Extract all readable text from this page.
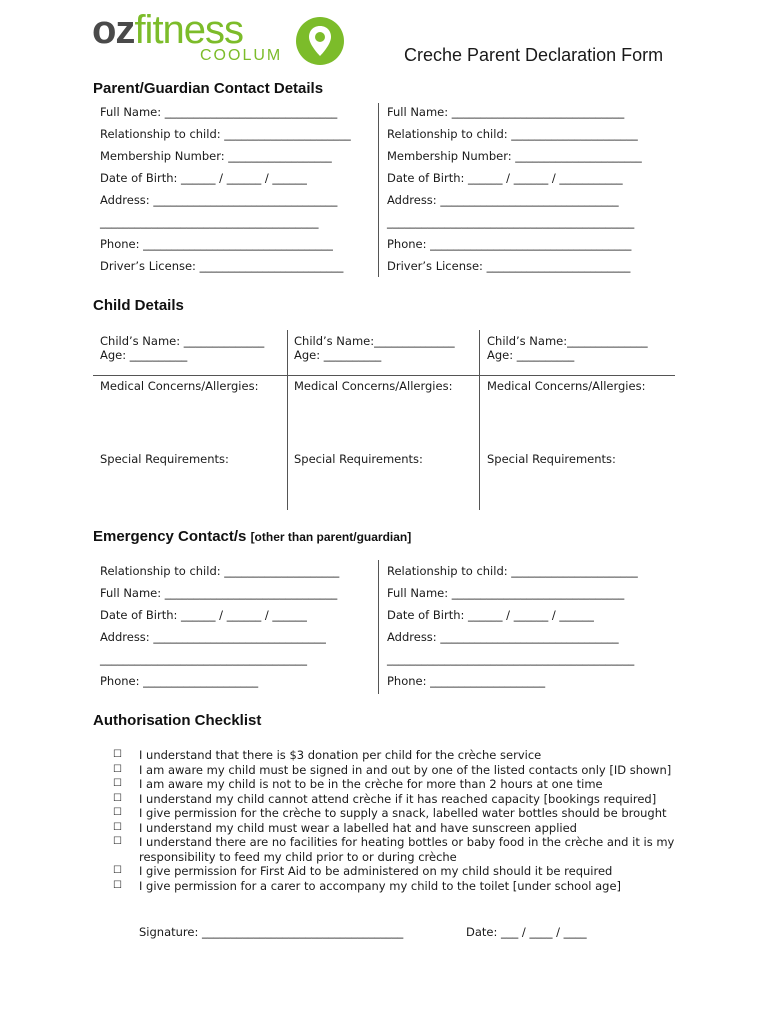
ozfitness
COOLUM	Creche Parent Declaration Form
Parent/Guardian Contact Details
Full Name: ______________________________
Relationship to child: ______________________
Membership Number: __________________
Date of Birth: ______ / ______ / ______
Address: ________________________________
______________________________________
Phone: _________________________________
Driver’s License: _________________________
Full Name: ______________________________
Relationship to child: ______________________
Membership Number: ______________________
Date of Birth: ______ / ______ / ___________
Address: _______________________________
___________________________________________
Phone: ___________________________________
Driver’s License: _________________________
Child Details
Child’s Name: ______________
Age: __________
Medical Concerns/Allergies:
Special Requirements:
Child’s Name:______________
Age: __________
Medical Concerns/Allergies:
Special Requirements:
Child’s Name:______________
Age: __________
Medical Concerns/Allergies:
Special Requirements:
Emergency Contact/s [other than parent/guardian]
Relationship to child: ____________________
Full Name: ______________________________
Date of Birth: ______ / ______ / ______
Address: ______________________________
____________________________________
Phone: ____________________
Relationship to child: ______________________
Full Name: ______________________________
Date of Birth: ______ / ______ / ______
Address: _______________________________
___________________________________________
Phone: ____________________
Authorisation Checklist
☐	I understand that there is $3 donation per child for the crèche service
☐	I am aware my child must be signed in and out by one of the listed contacts only [ID shown]
☐	I am aware my child is not to be in the crèche for more than 2 hours at one time
☐	I understand my child cannot attend crèche if it has reached capacity [bookings required]
☐	I give permission for the crèche to supply a snack, labelled water bottles should be brought
☐	I understand my child must wear a labelled hat and have sunscreen applied
☐	I understand there are no facilities for heating bottles or baby food in the crèche and it is my responsibility to feed my child prior to or during crèche
☐	I give permission for First Aid to be administered on my child should it be required
☐	I give permission for a carer to accompany my child to the toilet [under school age]
Signature: ___________________________________	Date: ___ / ____ / ____
